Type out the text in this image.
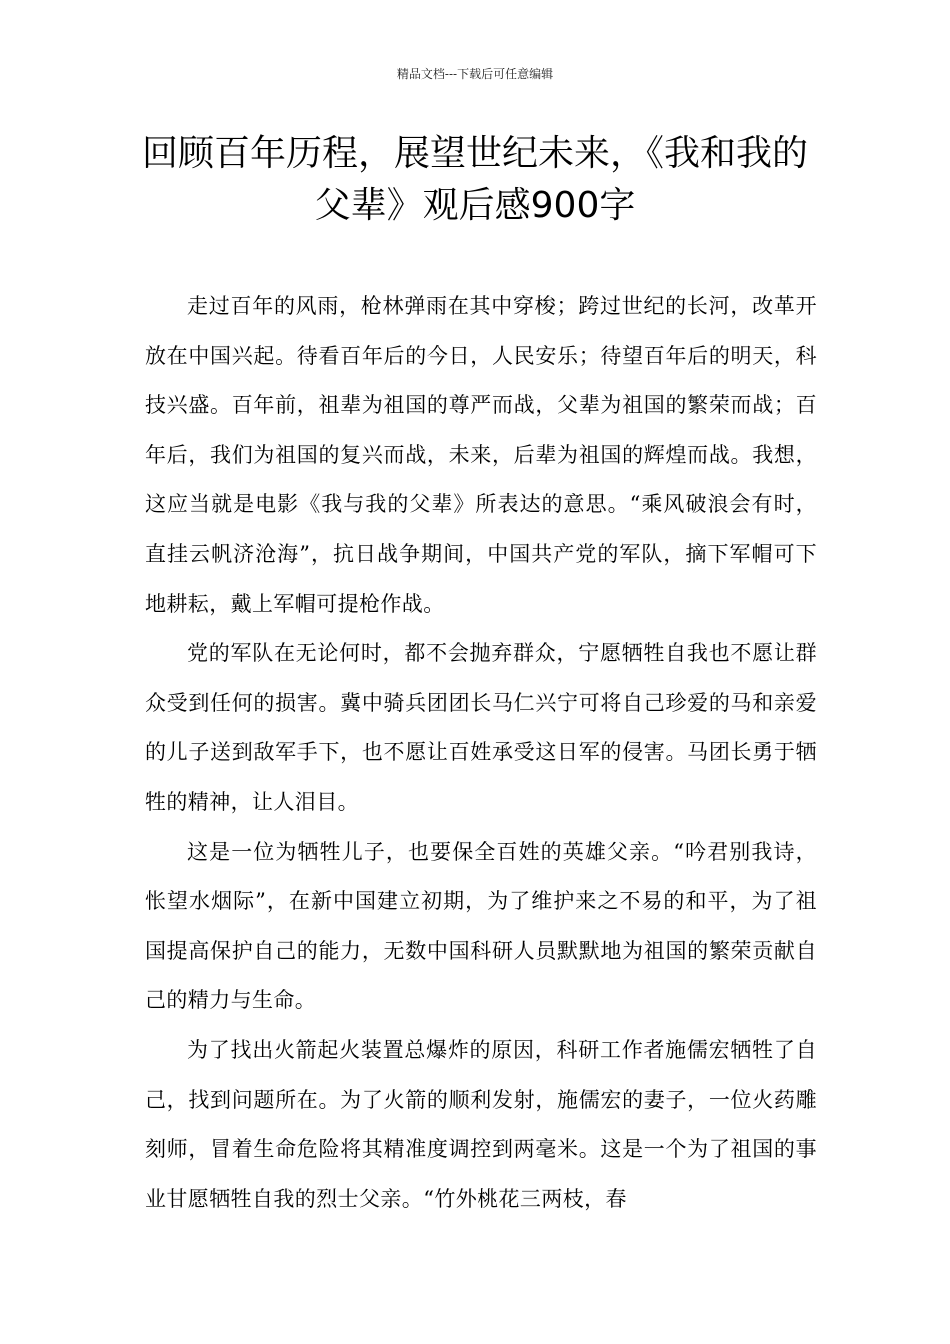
精品文档---下载后可任意编辑
回顾百年历程，展望世纪未来，《我和我的父辈》观后感900字

走过百年的风雨，枪林弹雨在其中穿梭；跨过世纪的长河，改革开放在中国兴起。待看百年后的今日，人民安乐；待望百年后的明天，科技兴盛。百年前，祖辈为祖国的尊严而战，父辈为祖国的繁荣而战；百年后，我们为祖国的复兴而战，未来，后辈为祖国的辉煌而战。我想，这应当就是电影《我与我的父辈》所表达的意思。“乘风破浪会有时，直挂云帆济沧海”，抗日战争期间，中国共产党的军队，摘下军帽可下地耕耘，戴上军帽可提枪作战。

党的军队在无论何时，都不会抛弃群众，宁愿牺牲自我也不愿让群众受到任何的损害。冀中骑兵团团长马仁兴宁可将自己珍爱的马和亲爱的儿子送到敌军手下，也不愿让百姓承受这日军的侵害。马团长勇于牺牲的精神，让人泪目。

这是一位为牺牲儿子，也要保全百姓的英雄父亲。“吟君别我诗，怅望水烟际”，在新中国建立初期，为了维护来之不易的和平，为了祖国提高保护自己的能力，无数中国科研人员默默地为祖国的繁荣贡献自己的精力与生命。

为了找出火箭起火装置总爆炸的原因，科研工作者施儒宏牺牲了自己，找到问题所在。为了火箭的顺利发射，施儒宏的妻子，一位火药雕刻师，冒着生命危险将其精准度调控到两毫米。这是一个为了祖国的事业甘愿牺牲自我的烈士父亲。“竹外桃花三两枝，春
